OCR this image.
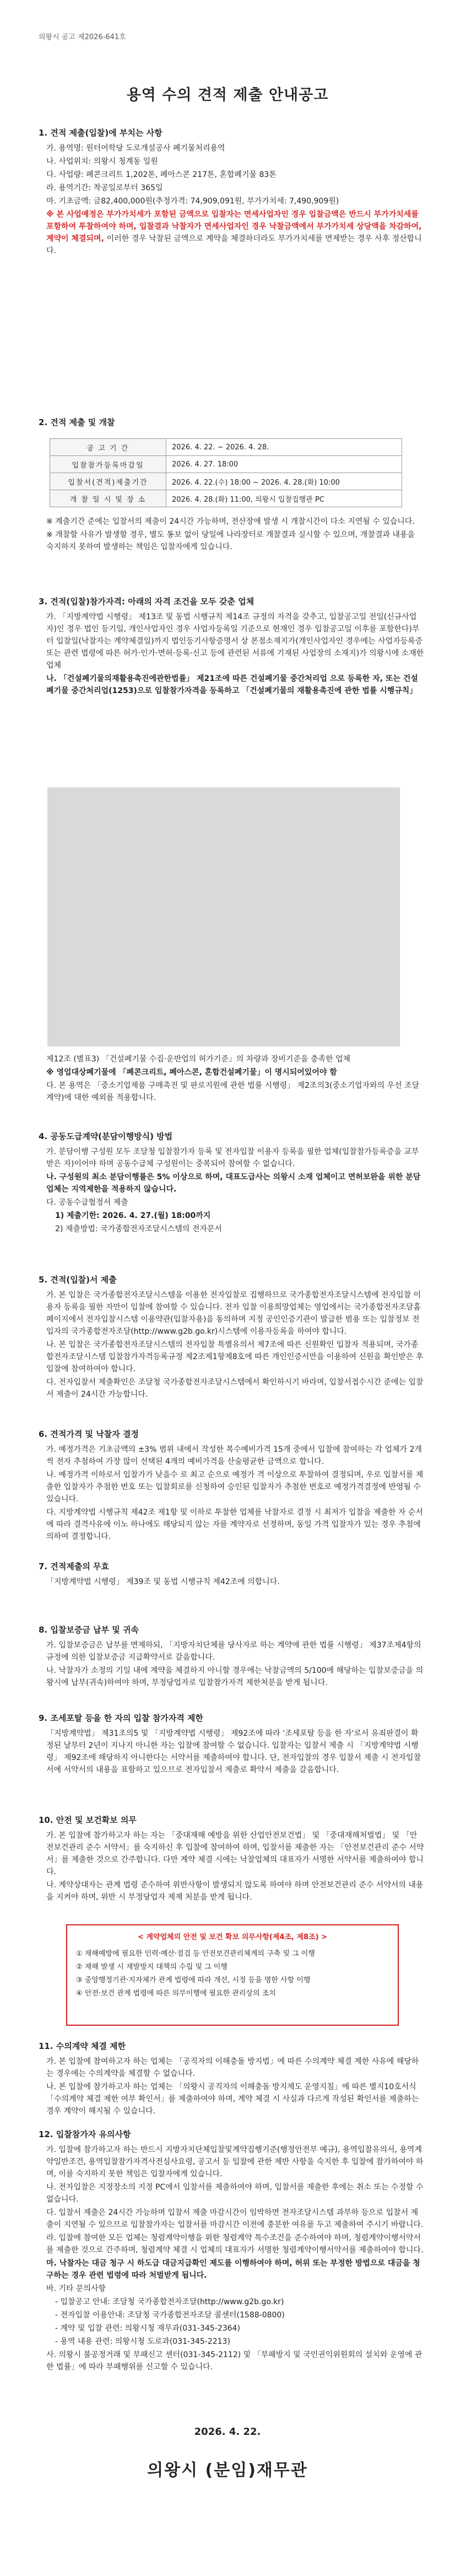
의왕시 공고 제2026-641호
용역 수의 견적 제출 안내공고
1. 견적 제출(입찰)에 부치는 사항
가. 용역명: 원터어학당 도로개설공사 폐기물처리용역
나. 사업위치: 의왕시 청계동 일원
다. 사업량: 폐콘크리트 1,202톤, 폐아스콘 217톤, 혼합폐기물 83톤
라. 용역기간: 착공일로부터 365일
마. 기초금액: 금82,400,000원(추정가격: 74,909,091원, 부가가치세: 7,490,909원)
※ 본 사업예정은 부가가치세가 포함된 금액으로 입찰자는 면세사업자인 경우 입찰금액은 반드시 부가가치세를 포함하여 투찰하여야 하며, 입찰결과 낙찰자가 면세사업자인 경우 낙찰금액에서 부가가치세 상당액을 차감하여, 계약이 체결되며, 이러한 경우 낙찰된 금액으로 계약을 체결하더라도 부가가치세를 면제받는 경우 사후 정산합니다.
2. 견적 제출 및 개찰
공 고 기 간	2026. 4. 22. ~ 2026. 4. 28.
입찰참가등록마감일	2026. 4. 27. 18:00
입찰서(견적)제출기간	2026. 4. 22.(수) 18:00 ~ 2026. 4. 28.(화) 10:00
개 찰 일 시 및 장 소	2026. 4. 28.(화) 11:00, 의왕시 입찰집행관 PC
※ 계출기간 준에는 입찰서의 제출이 24시간 가능하며, 전산장애 발생 시 개찰시간이 다소 지연될 수 있습니다.
※ 개찰할 사유가 발생할 경우, 별도 통보 없이 당일에 나라장터로 개찰결과 실시할 수 있으며, 개찰결과 내용을 숙지하지 못하여 발생하는 책임은 입찰자에게 있습니다.
3. 견적(입찰)참가자격: 아래의 자격 조건을 모두 갖춘 업체
가. 「지방계약법 시행령」 제13조 및 동법 시행규칙 제14조 규정의 자격을 갖추고, 입찰공고일 전일(신규사업자)인 경우 법인 등기일, 개인사업자인 경우 사업자등록일 기준으로 현재인 경우 입찰공고일 이후를 포함한다)부터 입찰일(낙찰자는 계약체결일)까지 법인등기사항증명서 상 본점소재지가(개인사업자인 경우에는 사업자등록증 또는 관련 법령에 따른 허가·인가·면허·등록·신고 등에 관련된 서류에 기재된 사업장의 소재지)가 의왕시에 소재한 업체
나. 「건설폐기물의재활용촉진에관한법률」 제21조에 따른 건설폐기물 중간처리업 으로 등록한 자, 또는 건설폐기물 중간처리업(1253)으로 입찰참가자격을 등록하고 「건설폐기물의 재활용촉진에 관한 법률 시행규칙」
제12조 (별표3) 「건설폐기물 수집·운반업의 허가기준」의 차량과 장비기준을 충족한 업체
※ 영업대상폐기물에 「폐콘크리트, 폐아스콘, 혼합건설폐기물」이 명시되어있어야 함
다. 본 용역은 「중소기업제품 구매촉진 및 판로지원에 관한 법률 시행령」 제2조의3(중소기업자와의 우선 조달계약)에 대한 예외를 적용합니다.
4. 공동도급계약(분담이행방식) 방법
가. 분담이행 구성원 모두 조달청 입찰참가자 등록 및 전자입찰 이용자 등록을 필한 업체(입찰참가등록증을 교부 받은 자)이어야 하며 공동수급체 구성원이는 중복되어 참여할 수 없습니다.
나. 구성원의 최소 분담이행률은 5% 이상으로 하며, 대표도급사는 의왕시 소재 업체이고 면허보완을 위한 분담업체는 지역제한을 적용하지 않습니다.
다. 공동수급협정서 제출
1) 제출기한: 2026. 4. 27.(월) 18:00까지
2) 제출방법: 국가종합전자조달시스템의 전자문서
5. 견적(입찰)서 제출
가. 본 입찰은 국가종합전자조달시스템을 이용한 전자입찰로 집행하므로 국가종합전자조달시스템에 전자입찰 이용자 등록을 필한 자만이 입찰에 참여할 수 있습니다. 전자 입찰 이용희망업체는 영업에서는 국가종합전자조달홈페이지에서 전자입찰시스템 이용약관(입찰자용)을 동의하며 지정 공인인증기관이 발급한 범용 또는 입찰정보 전 입자의 국가종합전자조달(http://www.g2b.go.kr)시스템에 이용자등록을 하여야 합니다.
나. 본 입찰은 국가종합전자조달시스템의 전자입찰 특별유의서 제7조에 따른 신원확인 입찰자 적용되며, 국가종합전자조달시스템 입찰참가자격등록규정 제2조제1항제8호에 따른 개인인증서만을 이용하여 신원을 확인받은 후 입찰에 참여하여야 합니다.
다. 전자입찰서 제출확인은 조달청 국가종합전자조달시스템에서 확인하시기 바라며, 입찰서접수시간 준에는 입찰서 제출이 24시간 가능합니다.
6. 견적가격 및 낙찰자 결정
가. 예정가격은 기초금액의 ±3% 범위 내에서 작성한 복수예비가격 15개 중에서 입찰에 참여하는 각 업체가 2개씩 전자 추첨하여 가장 많이 선택된 4개의 예비가격을 산술평균한 금액으로 합니다.
나. 예정가격 이하로서 입찰가가 낮을수 로 최고 순으로 예정가 격 이상으로 투찰하여 결정되며, 우로 입찰서를 제출한 입찰자가 추첨한 번호 또는 입찰회로를 신청하여 승인된 입찰자가 추첨한 번호로 예정가격결정에 반영될 수 있습니다.
다. 지방계약법 시행규칙 제42조 제1항 및 이하로 투찰한 업체를 낙찰자로 결정 시 최저가 입찰을 제출한 자 순서에 따라 결격사유에 이노 하나에도 해당되지 않는 자를 계약자로 선정하며, 동일 가격 입찰자가 있는 경우 추첨에 의하여 결정합니다.
7. 견적제출의 무효
「지방계약법 시행령」 제39조 및 동법 시행규칙 제42조에 의합니다.
8. 입찰보증금 납부 및 귀속
가. 입찰보증금은 납부를 면제하되, 「지방자치단체를 당사자로 하는 계약에 관한 법률 시행령」 제37조제4항의 규정에 의한 입찰보증금 지급확약서로 갈음합니다.
나. 낙찰자가 소정의 기일 내에 계약을 체결하지 아니할 경우에는 낙찰금액의 5/100에 해당하는 입찰보증금을 의왕시에 납부(귀속)하여야 하며, 부정당업자로 입찰참가자격 제한처분을 받게 됩니다.
9. 조세포탈 등을 한 자의 입찰 참가자격 제한
「지방계약법」 제31조의5 및 「지방계약법 시행령」 제92조에 따라 '조세포탈 등을 한 자'로서 유죄판결이 확정된 날부터 2년이 지나지 아니한 자는 입찰에 참여할 수 없습니다. 입찰자는 입찰서 제출 시 「지방계약법 시행령」 제92조에 해당하지 아니한다는 서약서를 제출하여야 합니다. 단, 전자입찰의 경우 입찰서 제출 시 전자입찰서에 서약서의 내용을 표함하고 있으므로 전자입찰서 제출로 확약서 제출을 갈음합니다.
10. 안전 및 보건확보 의무
가. 본 입찰에 참가하고자 하는 자는 「중대재해 예방을 위한 산업안전보건법」 및 「중대재해처벌법」 및 「안전보건관리 준수 서약서」를 숙지하신 후 입찰에 참여하여 하며, 입찰서를 제출한 자는 「안전보건관리 준수 서약서」를 제출한 것으로 간주합니다. 다만 계약 체결 시에는 낙찰업체의 대표자가 서명한 서약서를 제출하여야 합니다.
나. 계약상대자는 관계 법령 준수하여 위반사항이 발생되지 않도록 하여야 하며 안전보건관리 준수 서약서의 내용을 지켜야 하며, 위반 시 부정당업자 제재 처분을 받게 됩니다.
< 계약업체의 안전 및 보건 확보 의무사항(제4조, 제8조) >
① 재해예방에 필요한 인력·예산·점검 등 안전보건관리체계의 구축 및 그 이행
② 재해 발생 시 재발방지 대책의 수립 및 그 이행
③ 중앙행정기관·지자체가 관계 법령에 따라 개선, 시정 등을 명한 사항 이행
④ 안전·보건 관계 법령에 따른 의무이행에 필요한 관리상의 조치
11. 수의계약 체결 제한
가. 본 입찰에 참여하고자 하는 업체는 「공직자의 이해충돌 방지법」에 따른 수의계약 체결 제한 사유에 해당하는 경우에는 수의계약을 체결할 수 없습니다.
나. 본 입찰에 참가하고자 하는 업체는 「의왕시 공직자의 이해충돌 방지제도 운영지침」에 따른 별지10호서식 「수의계약 체결 제한 여부 확인서」를 제출하여야 하며, 계약 체결 시 사실과 다르게 작성된 확인서를 제출하는 경우 계약이 해지될 수 있습니다.
12. 입찰참가자 유의사항
가. 입찰에 참가하고자 하는 반드시 지방자치단체입찰및계약집행기준(행정안전부 예규), 용역입찰유의서, 용역계약일반조건, 용역입찰참가자격사전심사요령, 공고서 등 입찰에 관한 제반 사항을 숙지한 후 입찰에 참가하여야 하며, 이를 숙지하지 못한 책임은 입찰자에게 있습니다.
나. 전자입찰은 지정장소의 지정 PC에서 입찰서를 제출하여야 하며, 입찰서를 제출한 후에는 취소 또는 수정할 수 없습니다.
다. 입찰서 제출은 24시간 가능하며 입찰서 제출 마감시간이 임박하면 전자조달시스템 과부하 등으로 입찰서 제출이 지연될 수 있으므로 입찰참가자는 입찰서를 마감시간 이전에 충분한 여유를 두고 제출하여 주시기 바랍니다.
라. 입찰에 참여한 모든 업체는 청렴계약이행을 위한 청렴계약 특수조건을 준수하여야 하며, 청렴계약이행서약서를 제출한 것으로 간주하며, 청렴계약 체결 시 업체의 대표자가 서명한 청렴계약이행서약서를 제출하여야 합니다.
마. 낙찰자는 대금 청구 시 하도급 대금지급확인 제도를 이행하여야 하며, 허위 또는 부정한 방법으로 대금을 청구하는 경우 관련 법령에 따라 처벌받게 됩니다.
바. 기타 문의사항
- 입찰공고 안내: 조달청 국가종합전자조달(http://www.g2b.go.kr)
- 전자입찰 이용안내: 조달청 국가종합전자조달 콜센터(1588-0800)
- 계약 및 입찰 관련: 의왕시청 재무과(031-345-2364)
- 용역 내용 관련: 의왕시청 도로과(031-345-2213)
사. 의왕시 불공정거래 및 부패신고 센터(031-345-2112) 및 「부패방지 및 국민권익위원회의 설치와 운영에 관한 법률」에 따라 부패행위를 신고할 수 있습니다.
2026. 4. 22.
의왕시 (분임)재무관
